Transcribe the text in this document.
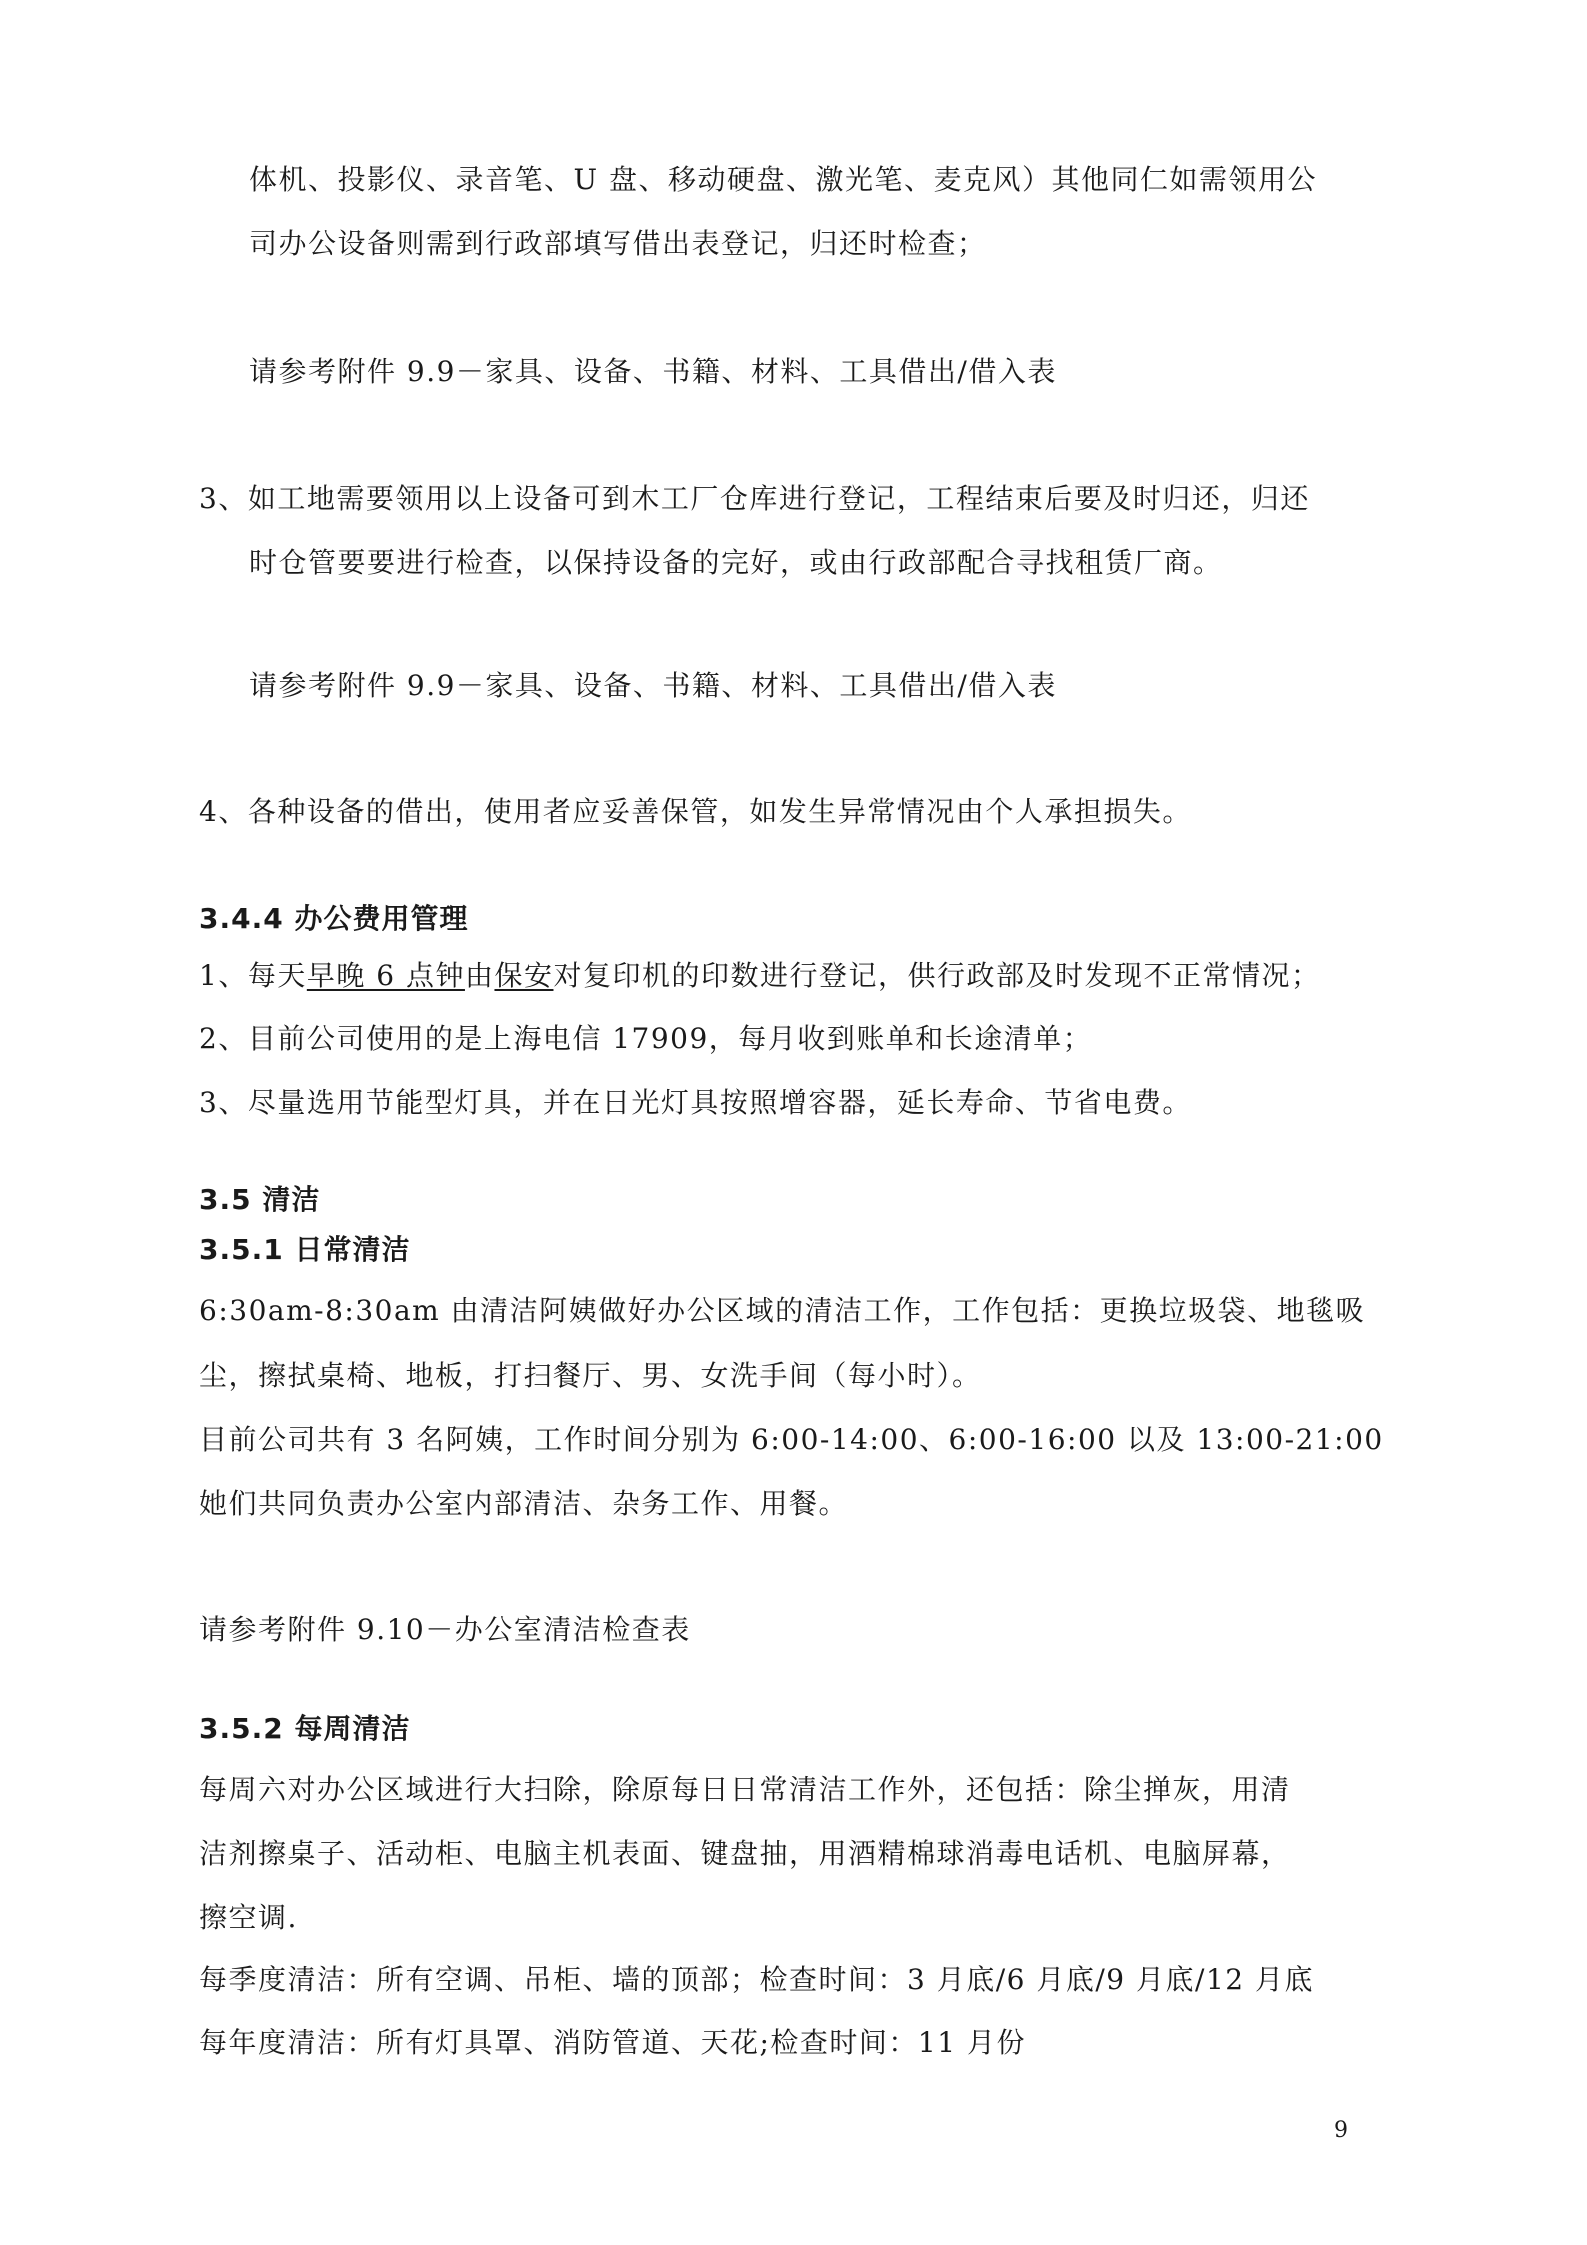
体机、投影仪、录音笔、U 盘、移动硬盘、激光笔、麦克风）其他同仁如需领用公

司办公设备则需到行政部填写借出表登记，归还时检查；

请参考附件 9.9－家具、设备、书籍、材料、工具借出/借入表

3、如工地需要领用以上设备可到木工厂仓库进行登记，工程结束后要及时归还，归还

时仓管要要进行检查，以保持设备的完好，或由行政部配合寻找租赁厂商。

请参考附件 9.9－家具、设备、书籍、材料、工具借出/借入表

4、各种设备的借出，使用者应妥善保管，如发生异常情况由个人承担损失。

3.4.4 办公费用管理

1、每天早晚 6 点钟由保安对复印机的印数进行登记，供行政部及时发现不正常情况；

2、目前公司使用的是上海电信 17909，每月收到账单和长途清单；

3、尽量选用节能型灯具，并在日光灯具按照增容器，延长寿命、节省电费。

3.5 清洁

3.5.1 日常清洁

6:30am-8:30am 由清洁阿姨做好办公区域的清洁工作，工作包括：更换垃圾袋、地毯吸

尘，擦拭桌椅、地板，打扫餐厅、男、女洗手间（每小时）。

目前公司共有 3 名阿姨，工作时间分别为 6:00-14:00、6:00-16:00 以及 13:00-21:00

她们共同负责办公室内部清洁、杂务工作、用餐。

请参考附件 9.10－办公室清洁检查表

3.5.2 每周清洁

每周六对办公区域进行大扫除，除原每日日常清洁工作外，还包括：除尘掸灰，用清

洁剂擦桌子、活动柜、电脑主机表面、键盘抽，用酒精棉球消毒电话机、电脑屏幕，

擦空调.

每季度清洁：所有空调、吊柜、墙的顶部；检查时间：3 月底/6 月底/9 月底/12 月底

每年度清洁：所有灯具罩、消防管道、天花;检查时间：11 月份

9
